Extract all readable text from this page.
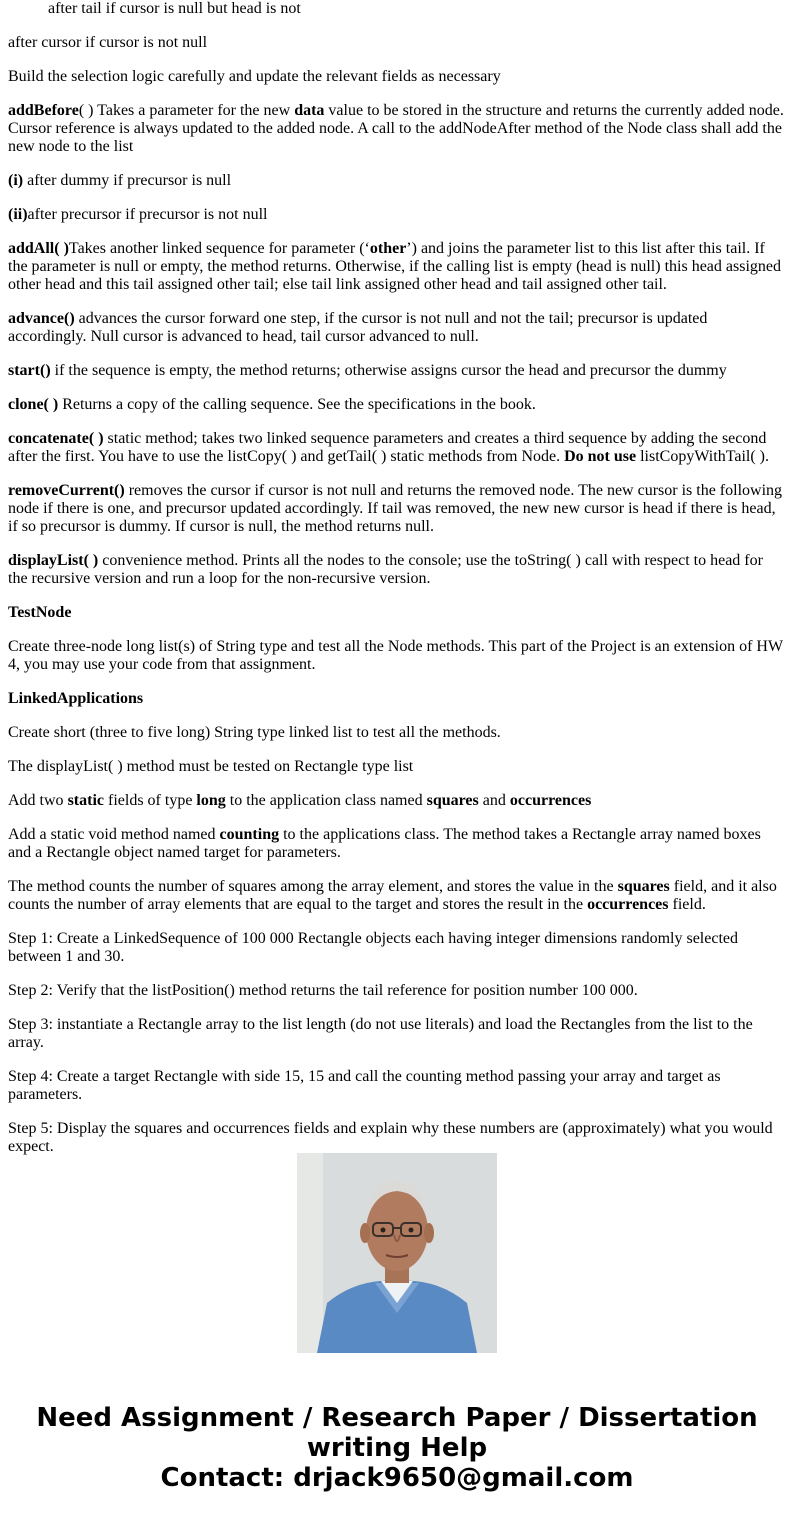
after tail if cursor is null but head is not

after cursor if cursor is not null

Build the selection logic carefully and update the relevant fields as necessary

addBefore( ) Takes a parameter for the new data value to be stored in the structure and returns the currently added node. Cursor reference is always updated to the added node. A call to the addNodeAfter method of the Node class shall add the new node to the list

(i) after dummy if precursor is null

(ii)after precursor if precursor is not null

addAll( )Takes another linked sequence for parameter (‘other’) and joins the parameter list to this list after this tail. If the parameter is null or empty, the method returns. Otherwise, if the calling list is empty (head is null) this head assigned other head and this tail assigned other tail; else tail link assigned other head and tail assigned other tail.

advance() advances the cursor forward one step, if the cursor is not null and not the tail; precursor is updated accordingly. Null cursor is advanced to head, tail cursor advanced to null.

start() if the sequence is empty, the method returns; otherwise assigns cursor the head and precursor the dummy

clone( ) Returns a copy of the calling sequence. See the specifications in the book.

concatenate( ) static method; takes two linked sequence parameters and creates a third sequence by adding the second after the first. You have to use the listCopy( ) and getTail( ) static methods from Node. Do not use listCopyWithTail( ).

removeCurrent() removes the cursor if cursor is not null and returns the removed node. The new cursor is the following node if there is one, and precursor updated accordingly. If tail was removed, the new new cursor is head if there is head, if so precursor is dummy. If cursor is null, the method returns null.

displayList( ) convenience method. Prints all the nodes to the console; use the toString( ) call with respect to head for the recursive version and run a loop for the non-recursive version.

TestNode

Create three-node long list(s) of String type and test all the Node methods. This part of the Project is an extension of HW 4, you may use your code from that assignment.

LinkedApplications

Create short (three to five long) String type linked list to test all the methods.

The displayList( ) method must be tested on Rectangle type list

Add two static fields of type long to the application class named squares and occurrences

Add a static void method named counting to the applications class. The method takes a Rectangle array named boxes and a Rectangle object named target for parameters.

The method counts the number of squares among the array element, and stores the value in the squares field, and it also counts the number of array elements that are equal to the target and stores the result in the occurrences field.

Step 1: Create a LinkedSequence of 100 000 Rectangle objects each having integer dimensions randomly selected between 1 and 30.

Step 2: Verify that the listPosition() method returns the tail reference for position number 100 000.

Step 3: instantiate a Rectangle array to the list length (do not use literals) and load the Rectangles from the list to the array.

Step 4: Create a target Rectangle with side 15, 15 and call the counting method passing your array and target as parameters.

Step 5: Display the squares and occurrences fields and explain why these numbers are (approximately) what you would expect.

Need Assignment / Research Paper / Dissertation
writing Help
Contact: drjack9650@gmail.com
